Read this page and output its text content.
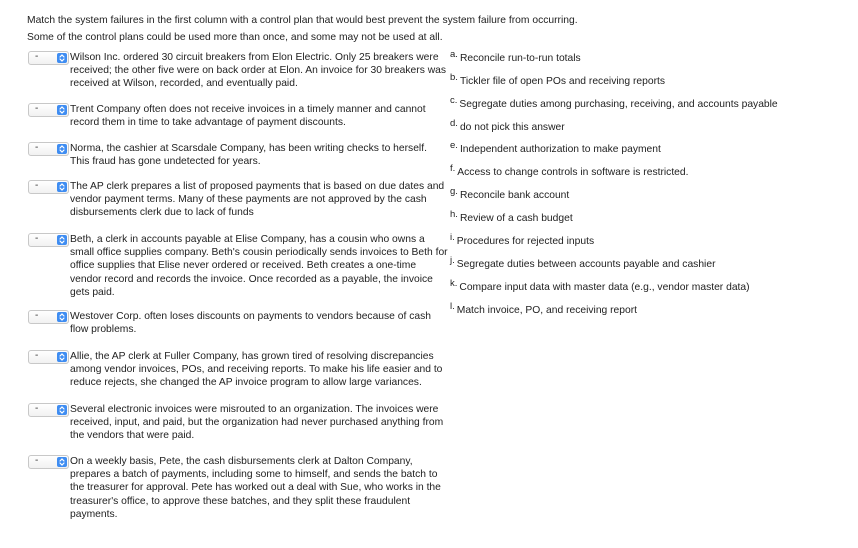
Match the system failures in the first column with a control plan that would best prevent the system failure from occurring.
Some of the control plans could be used more than once, and some may not be used at all.
-	Wilson Inc. ordered 30 circuit breakers from Elon Electric. Only 25 breakers were received; the other five were on back order at Elon. An invoice for 30 breakers was received at Wilson, recorded, and eventually paid.
-	Trent Company often does not receive invoices in a timely manner and cannot record them in time to take advantage of payment discounts.
-	Norma, the cashier at Scarsdale Company, has been writing checks to herself. This fraud has gone undetected for years.
-	The AP clerk prepares a list of proposed payments that is based on due dates and vendor payment terms. Many of these payments are not approved by the cash disbursements clerk due to lack of funds
-	Beth, a clerk in accounts payable at Elise Company, has a cousin who owns a small office supplies company. Beth's cousin periodically sends invoices to Beth for office supplies that Elise never ordered or received. Beth creates a one-time vendor record and records the invoice. Once recorded as a payable, the invoice gets paid.
-	Westover Corp. often loses discounts on payments to vendors because of cash flow problems.
-	Allie, the AP clerk at Fuller Company, has grown tired of resolving discrepancies among vendor invoices, POs, and receiving reports. To make his life easier and to reduce rejects, she changed the AP invoice program to allow large variances.
-	Several electronic invoices were misrouted to an organization. The invoices were received, input, and paid, but the organization had never purchased anything from the vendors that were paid.
-	On a weekly basis, Pete, the cash disbursements clerk at Dalton Company, prepares a batch of payments, including some to himself, and sends the batch to the treasurer for approval. Pete has worked out a deal with Sue, who works in the treasurer's office, to approve these batches, and they split these fraudulent payments.
a. Reconcile run-to-run totals
b. Tickler file of open POs and receiving reports
c. Segregate duties among purchasing, receiving, and accounts payable
d. do not pick this answer
e. Independent authorization to make payment
f. Access to change controls in software is restricted.
g. Reconcile bank account
h. Review of a cash budget
i. Procedures for rejected inputs
j. Segregate duties between accounts payable and cashier
k. Compare input data with master data (e.g., vendor master data)
l. Match invoice, PO, and receiving report
